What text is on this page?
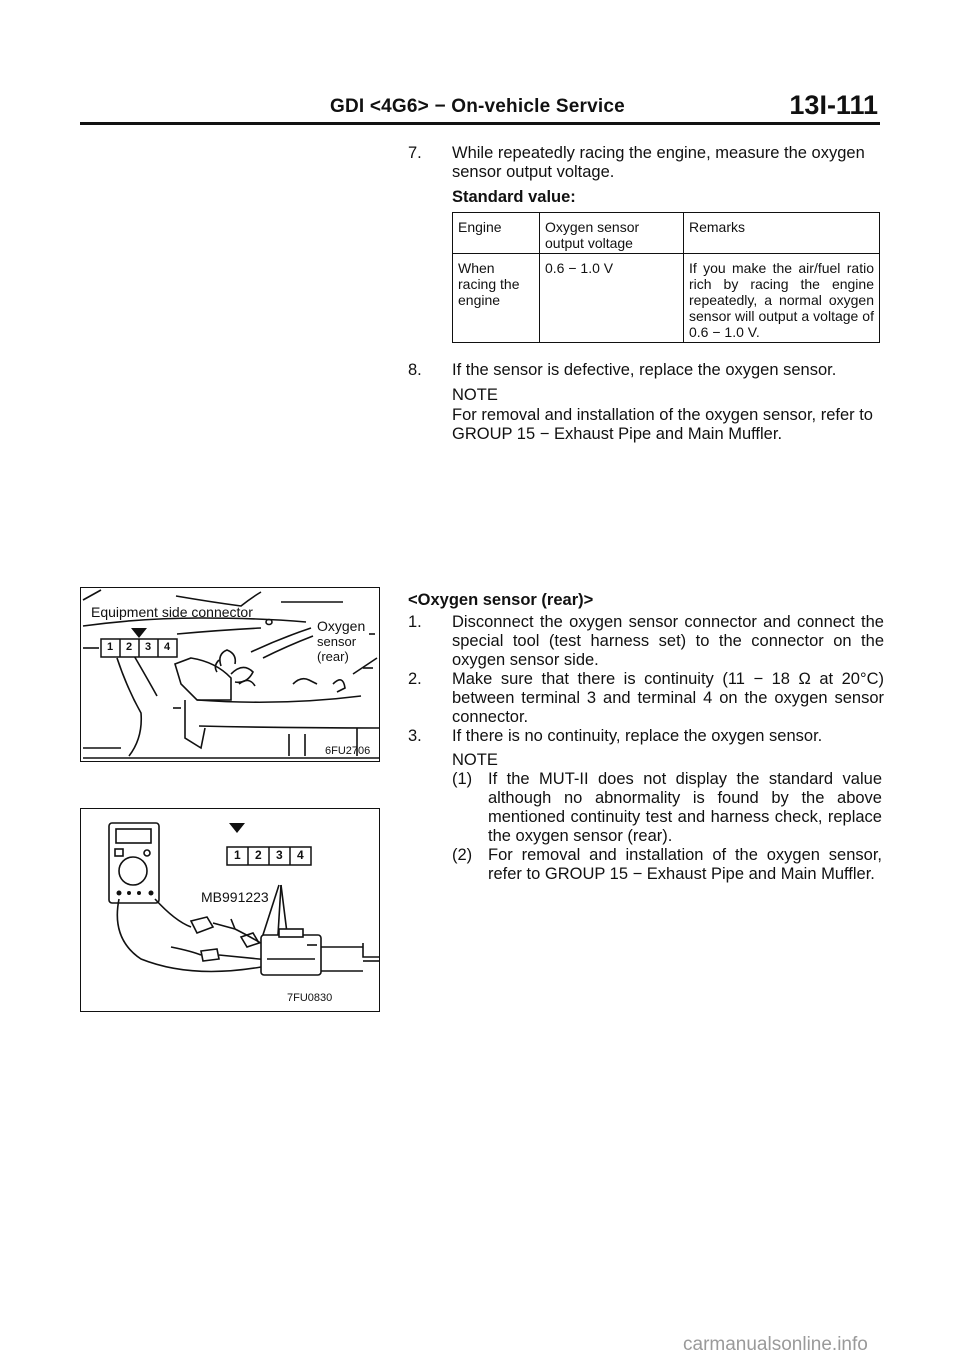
GDI <4G6> − On-vehicle Service	13I-111
7. While repeatedly racing the engine, measure the oxygen sensor output voltage.
Standard value:
Engine	Oxygen sensor output voltage	Remarks
When racing the engine	0.6 − 1.0 V	If you make the air/fuel ratio rich by racing the engine repeatedly, a normal oxygen sensor will output a voltage of 0.6 − 1.0 V.
8. If the sensor is defective, replace the oxygen sensor.
NOTE
For removal and installation of the oxygen sensor, refer to GROUP 15 − Exhaust Pipe and Main Muffler.
Equipment side connector
Oxygen
sensor
(rear)
1 2 3 4
6FU2706
1 2 3 4
MB991223
7FU0830
<Oxygen sensor (rear)>
1. Disconnect the oxygen sensor connector and connect the special tool (test harness set) to the connector on the oxygen sensor side.
2. Make sure that there is continuity (11 − 18 Ω at 20°C) between terminal 3 and terminal 4 on the oxygen sensor connector.
3. If there is no continuity, replace the oxygen sensor.
NOTE
(1) If the MUT-II does not display the standard value although no abnormality is found by the above mentioned continuity test and harness check, replace the oxygen sensor (rear).
(2) For removal and installation of the oxygen sensor, refer to GROUP 15 − Exhaust Pipe and Main Muffler.
carmanualsonline.info
